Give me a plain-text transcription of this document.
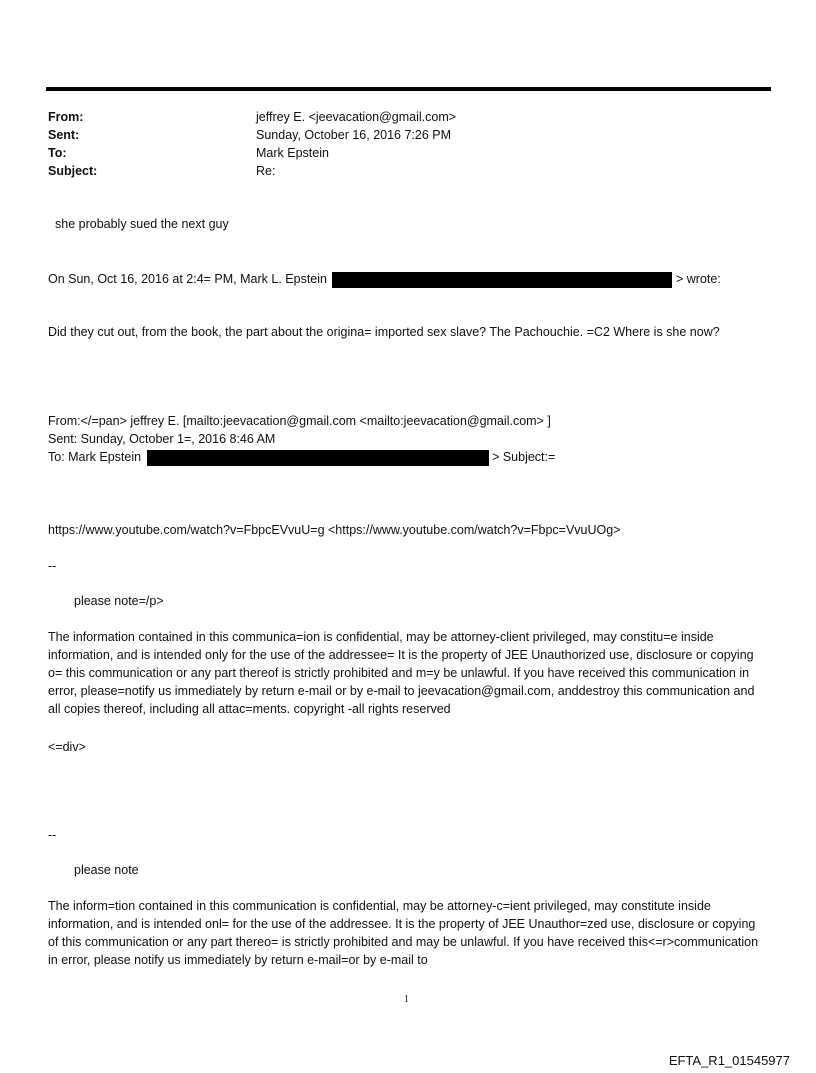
From:	jeffrey E. <jeevacation@gmail.com>
Sent:	Sunday, October 16, 2016 7:26 PM
To:	Mark Epstein
Subject:	Re:
she probably sued the next guy
On Sun, Oct 16, 2016 at 2:4= PM, Mark L. Epstein	> wrote:
Did they cut out, from the book, the part about the origina= imported sex slave? The Pachouchie. =C2 Where is she now?
From:</=pan> jeffrey E. [mailto:jeevacation@gmail.com <mailto:jeevacation@gmail.com> ]
Sent: Sunday, October 1=, 2016 8:46 AM
To: Mark Epstein	> Subject:=
https://www.youtube.com/watch?v=FbpcEVvuU=g <https://www.youtube.com/watch?v=Fbpc=VvuUOg>
--
please note=/p>
The information contained in this communica=ion is confidential, may be attorney-client privileged, may constitu=e inside information, and is intended only for the use of the addressee= It is the property of JEE Unauthorized use, disclosure or copying o= this communication or any part thereof is strictly prohibited and m=y be unlawful. If you have received this communication in error, please=notify us immediately by return e-mail or by e-mail to jeevacation@gmail.com, anddestroy this communication and all copies thereof, including all attac=ments. copyright -all rights reserved
<=div>
--
please note
The inform=tion contained in this communication is confidential, may be attorney-c=ient privileged, may constitute inside information, and is intended onl= for the use of the addressee. It is the property of JEE Unauthor=zed use, disclosure or copying of this communication or any part thereo= is strictly prohibited and may be unlawful. If you have received this<=r>communication in error, please notify us immediately by return e-mail=or by e-mail to
1
EFTA_R1_01545977
